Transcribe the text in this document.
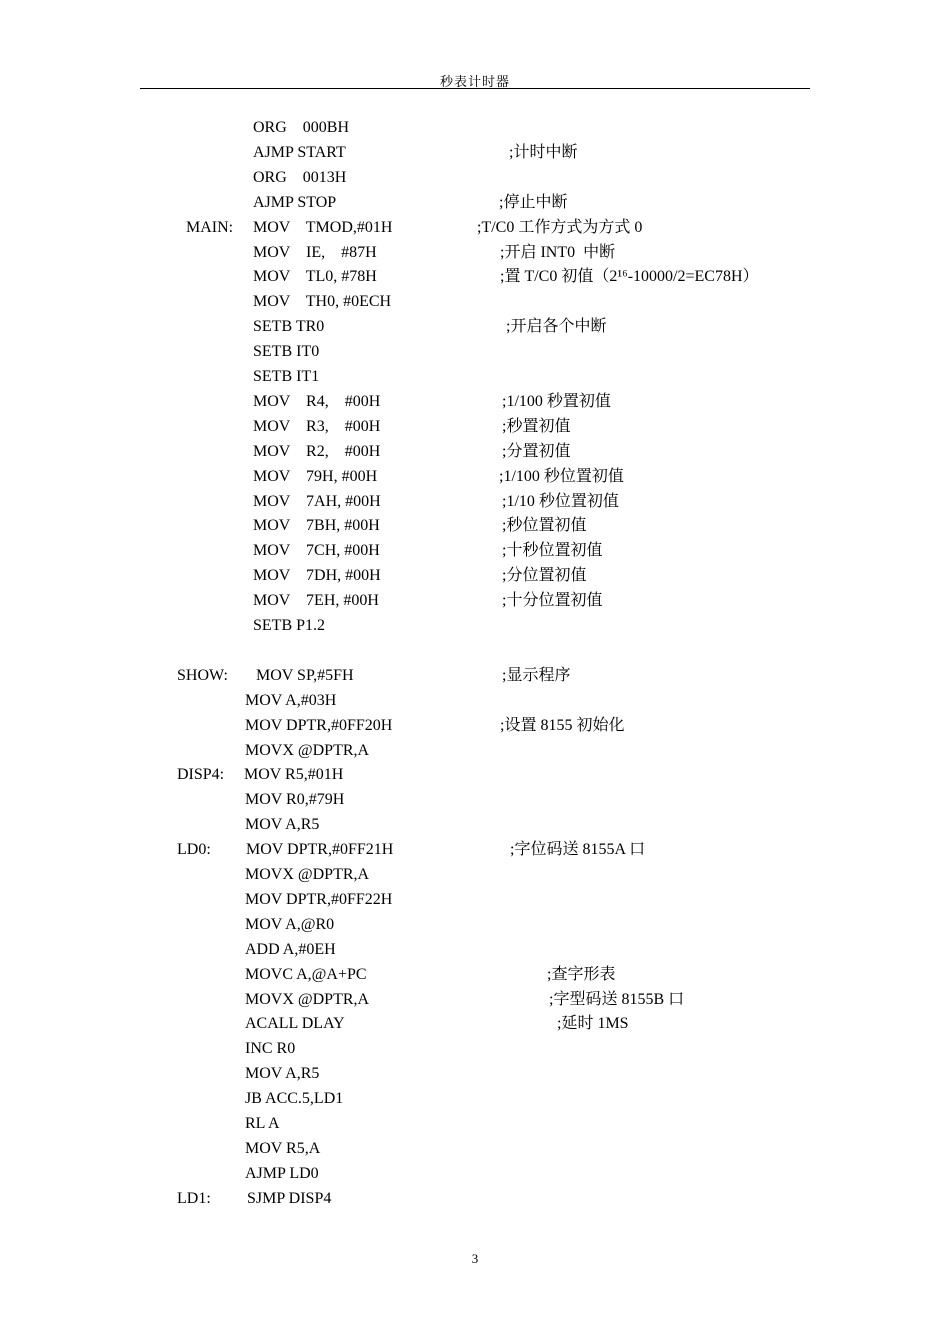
秒表计时器
ORG    000BH
AJMP START	;计时中断
ORG    0013H
AJMP STOP	;停止中断
MAIN: MOV    TMOD,#01H	;T/C0 工作方式为方式 0
MOV    IE,    #87H	;开启 INT0  中断
MOV    TL0, #78H	;置 T/C0 初值（2¹⁶-10000/2=EC78H）
MOV    TH0, #0ECH
SETB TR0	;开启各个中断
SETB IT0
SETB IT1
MOV    R4,    #00H	;1/100 秒置初值
MOV    R3,    #00H	;秒置初值
MOV    R2,    #00H	;分置初值
MOV    79H, #00H	;1/100 秒位置初值
MOV    7AH, #00H	;1/10 秒位置初值
MOV    7BH, #00H	;秒位置初值
MOV    7CH, #00H	;十秒位置初值
MOV    7DH, #00H	;分位置初值
MOV    7EH, #00H	;十分位置初值
SETB P1.2
SHOW: MOV SP,#5FH	;显示程序
MOV A,#03H
MOV DPTR,#0FF20H	;设置 8155 初始化
MOVX @DPTR,A
DISP4: MOV R5,#01H
MOV R0,#79H
MOV A,R5
LD0: MOV DPTR,#0FF21H	;字位码送 8155A 口
MOVX @DPTR,A
MOV DPTR,#0FF22H
MOV A,@R0
ADD A,#0EH
MOVC A,@A+PC	;查字形表
MOVX @DPTR,A	;字型码送 8155B 口
ACALL DLAY	;延时 1MS
INC R0
MOV A,R5
JB ACC.5,LD1
RL A
MOV R5,A
AJMP LD0
LD1: SJMP DISP4
3
